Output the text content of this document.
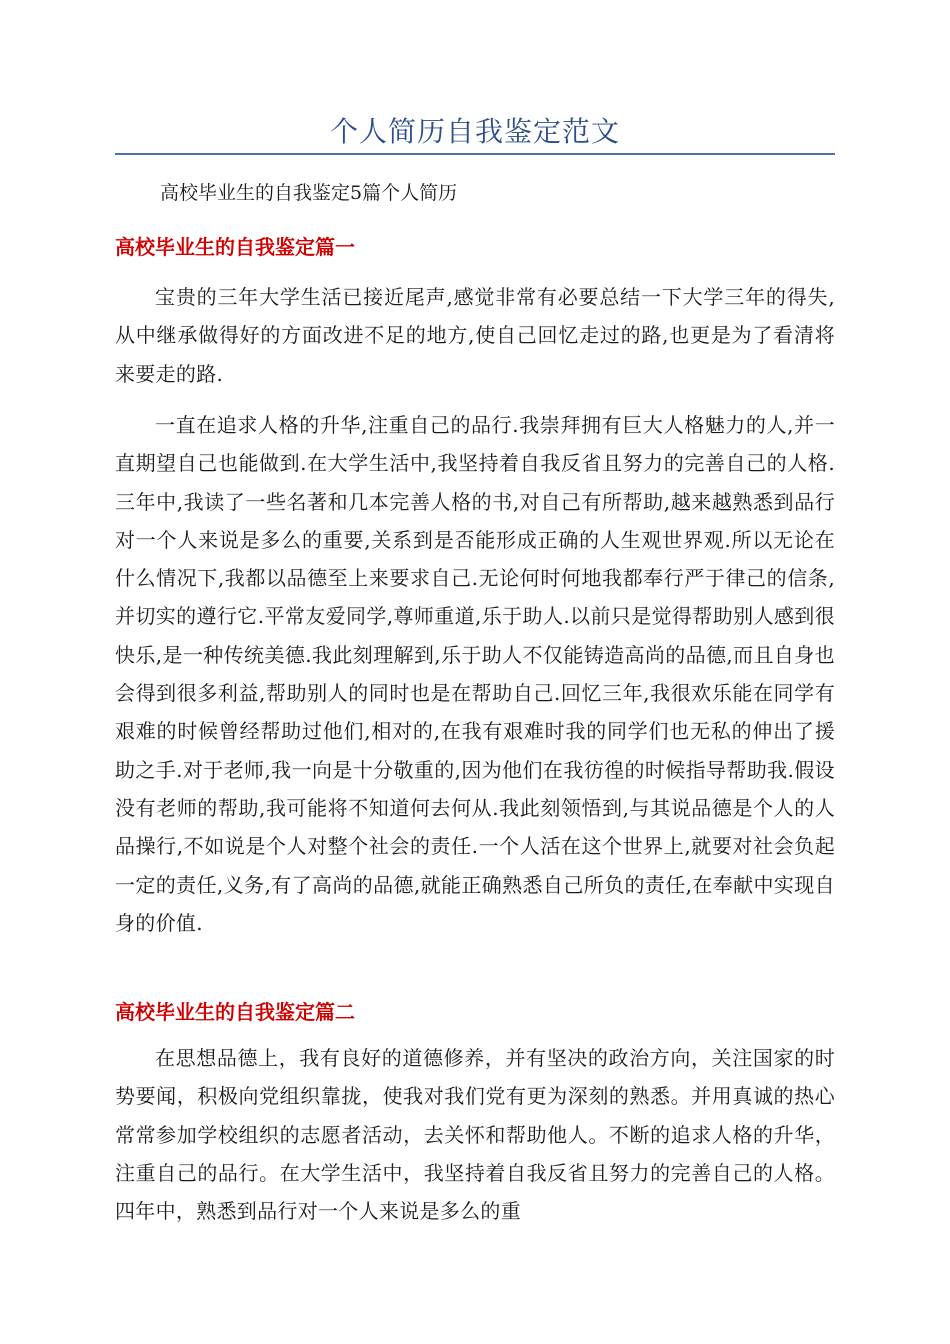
个人简历自我鉴定范文
高校毕业生的自我鉴定5篇个人简历
高校毕业生的自我鉴定篇一

宝贵的三年大学生活已接近尾声,感觉非常有必要总结一下大学三年的得失,从中继承做得好的方面改进不足的地方,使自己回忆走过的路,也更是为了看清将来要走的路.

一直在追求人格的升华,注重自己的品行.我崇拜拥有巨大人格魅力的人,并一直期望自己也能做到.在大学生活中,我坚持着自我反省且努力的完善自己的人格.三年中,我读了一些名著和几本完善人格的书,对自己有所帮助,越来越熟悉到品行对一个人来说是多么的重要,关系到是否能形成正确的人生观世界观.所以无论在什么情况下,我都以品德至上来要求自己.无论何时何地我都奉行严于律己的信条,并切实的遵行它.平常友爱同学,尊师重道,乐于助人.以前只是觉得帮助别人感到很快乐,是一种传统美德.我此刻理解到,乐于助人不仅能铸造高尚的品德,而且自身也会得到很多利益,帮助别人的同时也是在帮助自己.回忆三年,我很欢乐能在同学有艰难的时候曾经帮助过他们,相对的,在我有艰难时我的同学们也无私的伸出了援助之手.对于老师,我一向是十分敬重的,因为他们在我彷徨的时候指导帮助我.假设没有老师的帮助,我可能将不知道何去何从.我此刻领悟到,与其说品德是个人的人品操行,不如说是个人对整个社会的责任.一个人活在这个世界上,就要对社会负起一定的责任,义务,有了高尚的品德,就能正确熟悉自己所负的责任,在奉献中实现自身的价值.

高校毕业生的自我鉴定篇二

在思想品德上，我有良好的道德修养，并有坚决的政治方向，关注国家的时势要闻，积极向党组织靠拢，使我对我们党有更为深刻的熟悉。并用真诚的热心常常参加学校组织的志愿者活动，去关怀和帮助他人。不断的追求人格的升华，注重自己的品行。在大学生活中，我坚持着自我反省且努力的完善自己的人格。四年中，熟悉到品行对一个人来说是多么的重
